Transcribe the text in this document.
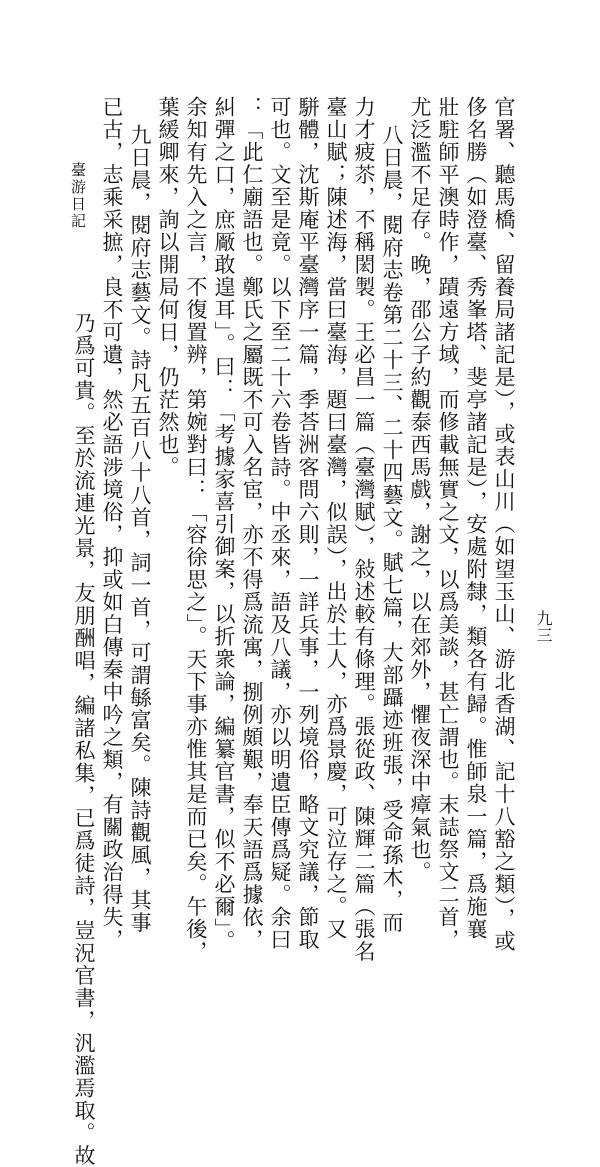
官署、聽馬橋、留養局諸記是），或表山川（如望玉山、游北香湖、記十八豁之類），或
侈名勝（如澄臺、秀峯塔、斐亭諸記是），安處附隸，類各有歸。惟師泉一篇，爲施襄
壯駐師平澳時作，蹟遠方域，而修載無實之文，以爲美談，甚亡謂也。末誌祭文二首，
尤泛濫不足存。晚，邵公子約觀泰西馬戲，謝之，以在郊外，懼夜深中瘴氣也。
八日晨，閱府志卷第二十三、二十四藝文。賦七篇，大部躡迹班張，受命孫木，而
力才疲苶，不稱閎製。王必昌一篇（臺灣賦），敍述較有條理。張從政、陳輝二篇（張名
臺山賦；陳述海，當曰臺海，題曰臺灣，似誤），出於土人，亦爲景慶，可泣存之。又
駢體，沈斯庵平臺灣序一篇，季荅洲客問六則，一詳兵事，一列境俗，略文究議，節取
可也。文至是竟。以下至二十六卷皆詩。中丞來，語及八議，亦以明遺臣傳爲疑。余曰
：「此仁廟語也。鄭氏之屬既不可入名宦，亦不得爲流寓，捌例頗艱，奉天語爲據依，
糾彈之口，庶厰敢遑耳」。曰：「考據家喜引御案，以折衆論，編纂官書，似不必爾」。
余知有先入之言，不復置辨，第婉對曰：「容徐思之」。天下事亦惟其是而已矣。午後，
葉緩卿來，詢以開局何日，仍茫然也。
九日晨，閱府志藝文。詩凡五百八十八首，詞一首，可謂緐富矣。陳詩觀風，其事
已古，志乘采摭，良不可遺，然必語涉境俗，抑或如白傳秦中吟之類，有關政治得失，
乃爲可貴。至於流連光景，友朋酬唱，編諸私集，已爲徒詩，豈況官書，汎濫焉取。故
臺游日記
九三
